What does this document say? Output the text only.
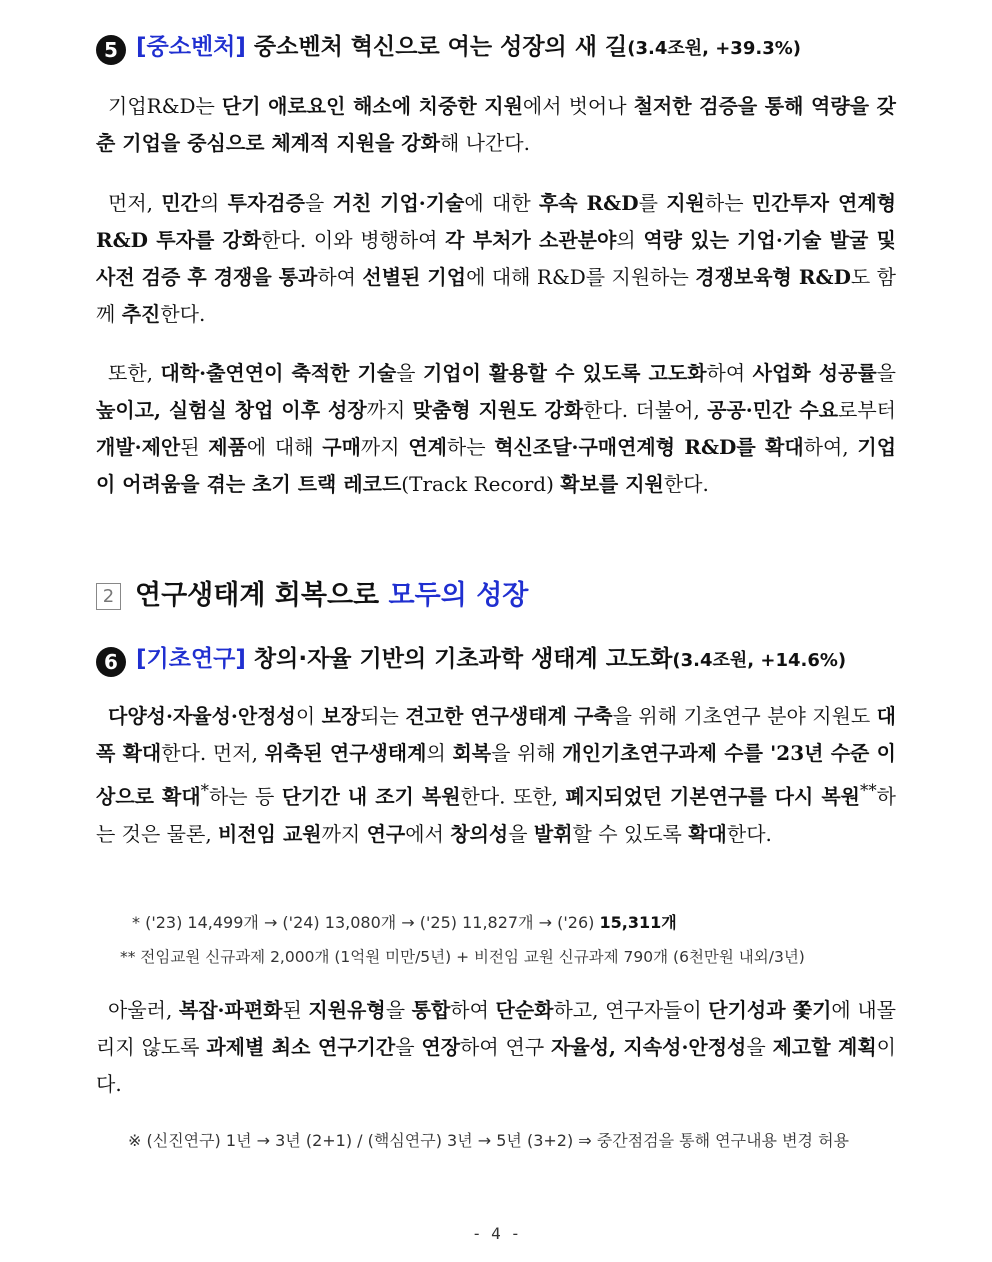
5 [중소벤처] 중소벤처 혁신으로 여는 성장의 새 길(3.4조원, +39.3%)
기업R&D는 단기 애로요인 해소에 치중한 지원에서 벗어나 철저한 검증을 통해 역량을 갖춘 기업을 중심으로 체계적 지원을 강화해 나간다.
먼저, 민간의 투자검증을 거친 기업·기술에 대한 후속 R&D를 지원하는 민간투자 연계형 R&D 투자를 강화한다. 이와 병행하여 각 부처가 소관분야의 역량 있는 기업·기술 발굴 및 사전 검증 후 경쟁을 통과하여 선별된 기업에 대해 R&D를 지원하는 경쟁보육형 R&D도 함께 추진한다.
또한, 대학·출연연이 축적한 기술을 기업이 활용할 수 있도록 고도화하여 사업화 성공률을 높이고, 실험실 창업 이후 성장까지 맞춤형 지원도 강화한다. 더불어, 공공·민간 수요로부터 개발·제안된 제품에 대해 구매까지 연계하는 혁신조달·구매연계형 R&D를 확대하여, 기업이 어려움을 겪는 초기 트랙 레코드(Track Record) 확보를 지원한다.
2 연구생태계 회복으로 모두의 성장
6 [기초연구] 창의·자율 기반의 기초과학 생태계 고도화(3.4조원, +14.6%)
다양성·자율성·안정성이 보장되는 견고한 연구생태계 구축을 위해 기초연구 분야 지원도 대폭 확대한다. 먼저, 위축된 연구생태계의 회복을 위해 개인기초연구과제 수를 '23년 수준 이상으로 확대*하는 등 단기간 내 조기 복원한다. 또한, 폐지되었던 기본연구를 다시 복원**하는 것은 물론, 비전임 교원까지 연구에서 창의성을 발휘할 수 있도록 확대한다.
* ('23) 14,499개 → ('24) 13,080개 → ('25) 11,827개 → ('26) 15,311개
** 전임교원 신규과제 2,000개 (1억원 미만/5년) + 비전임 교원 신규과제 790개 (6천만원 내외/3년)
아울러, 복잡·파편화된 지원유형을 통합하여 단순화하고, 연구자들이 단기성과 쫓기에 내몰리지 않도록 과제별 최소 연구기간을 연장하여 연구 자율성, 지속성·안정성을 제고할 계획이다.
※ (신진연구) 1년 → 3년 (2+1) / (핵심연구) 3년 → 5년 (3+2) ⇒ 중간점검을 통해 연구내용 변경 허용
- 4 -
